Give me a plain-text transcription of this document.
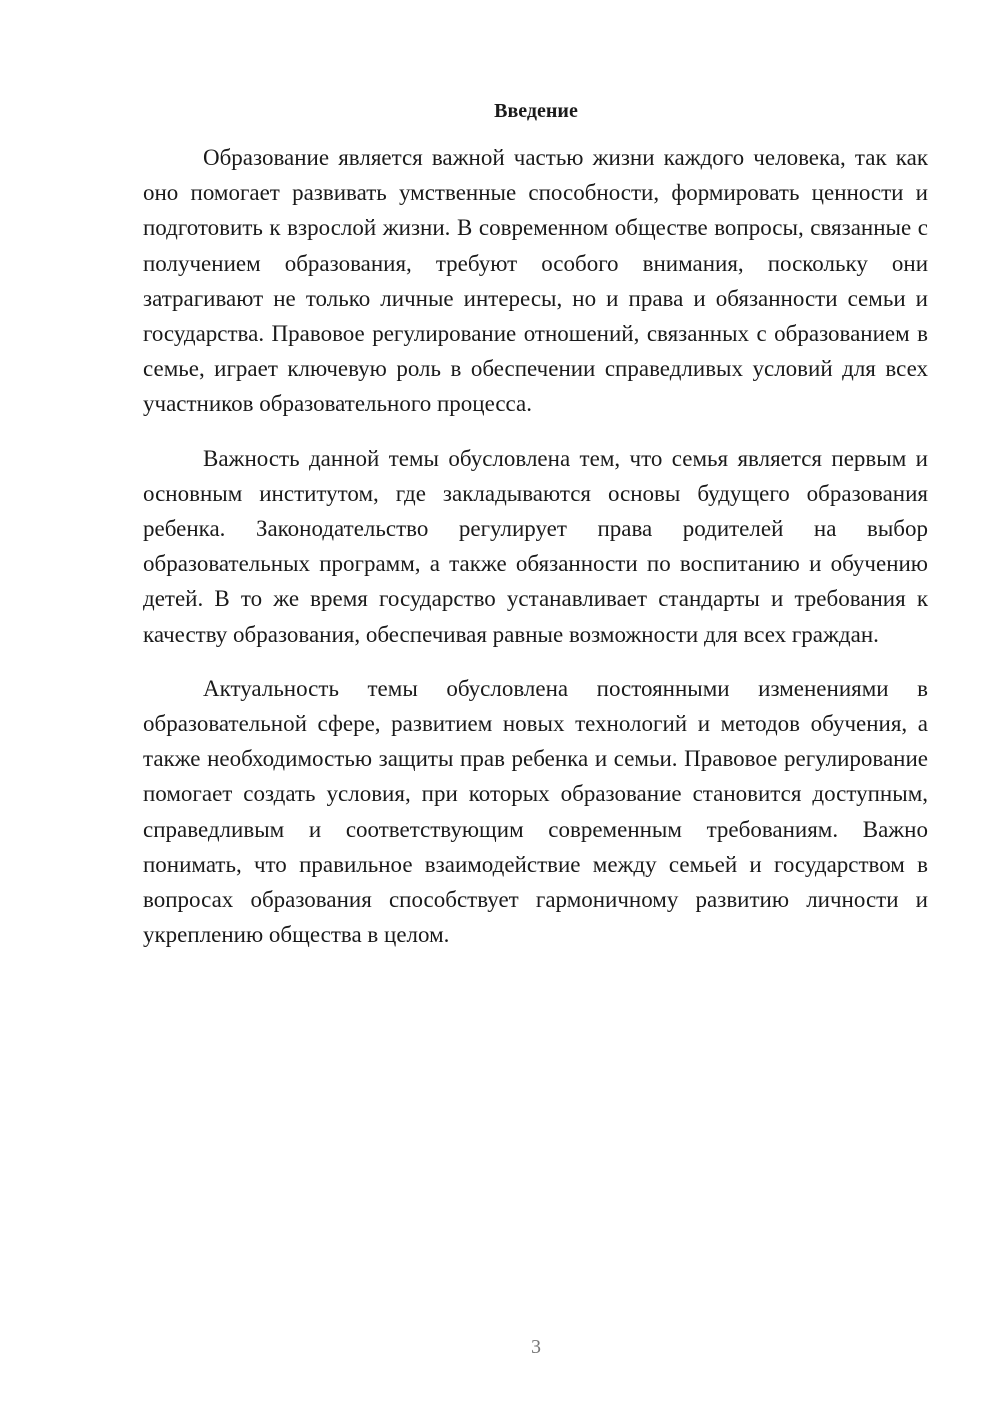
Введение

Образование является важной частью жизни каждого человека, так как оно помогает развивать умственные способности, формировать ценности и подготовить к взрослой жизни. В современном обществе вопросы, связанные с получением образования, требуют особого внимания, поскольку они затрагивают не только личные интересы, но и права и обязанности семьи и государства. Правовое регулирование отношений, связанных с образованием в семье, играет ключевую роль в обеспечении справедливых условий для всех участников образовательного процесса.

Важность данной темы обусловлена тем, что семья является первым и основным институтом, где закладываются основы будущего образования ребенка. Законодательство регулирует права родителей на выбор образовательных программ, а также обязанности по воспитанию и обучению детей. В то же время государство устанавливает стандарты и требования к качеству образования, обеспечивая равные возможности для всех граждан.

Актуальность темы обусловлена постоянными изменениями в образовательной сфере, развитием новых технологий и методов обучения, а также необходимостью защиты прав ребенка и семьи. Правовое регулирование помогает создать условия, при которых образование становится доступным, справедливым и соответствующим современным требованиям. Важно понимать, что правильное взаимодействие между семьей и государством в вопросах образования способствует гармоничному развитию личности и укреплению общества в целом.

3
